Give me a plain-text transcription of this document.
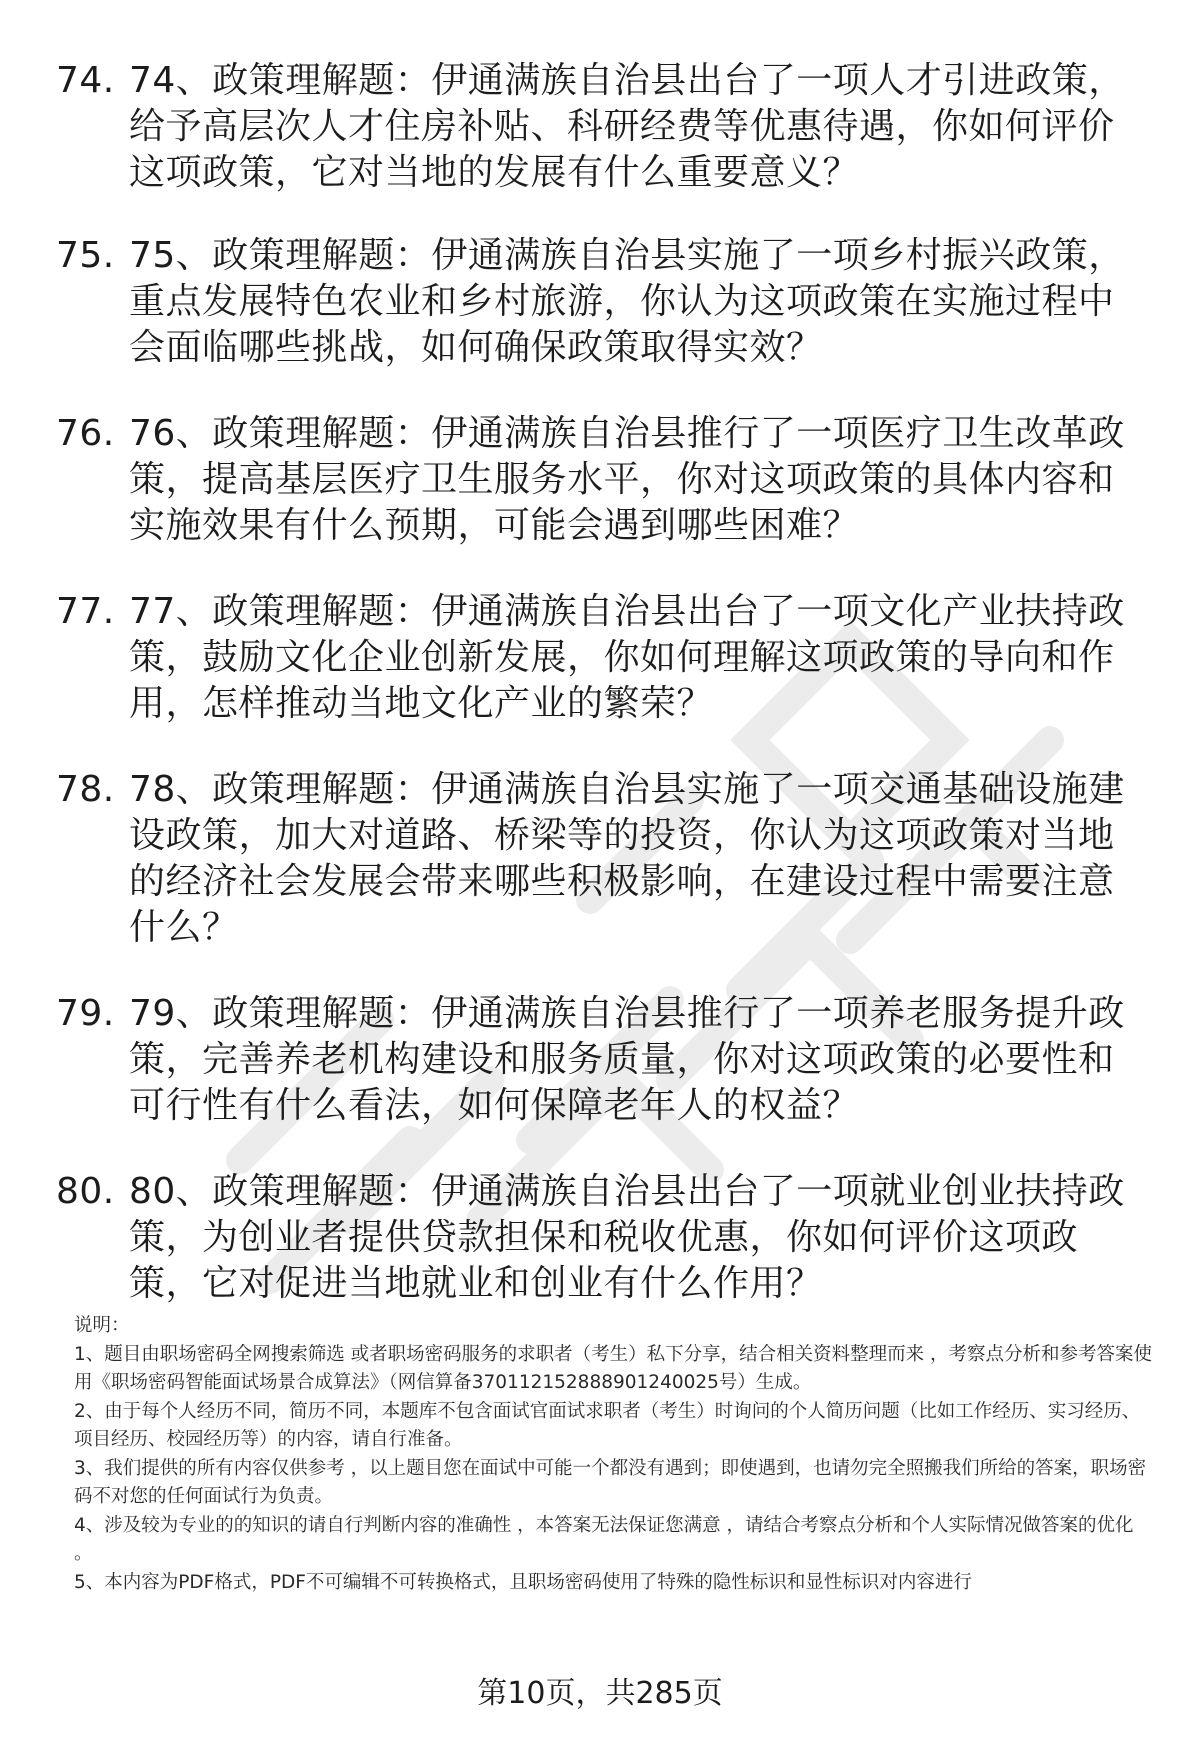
74. 74、政策理解题：伊通满族自治县出台了一项人才引进政策，给予高层次人才住房补贴、科研经费等优惠待遇，你如何评价这项政策，它对当地的发展有什么重要意义？
75. 75、政策理解题：伊通满族自治县实施了一项乡村振兴政策，重点发展特色农业和乡村旅游，你认为这项政策在实施过程中会面临哪些挑战，如何确保政策取得实效？
76. 76、政策理解题：伊通满族自治县推行了一项医疗卫生改革政策，提高基层医疗卫生服务水平，你对这项政策的具体内容和实施效果有什么预期，可能会遇到哪些困难？
77. 77、政策理解题：伊通满族自治县出台了一项文化产业扶持政策，鼓励文化企业创新发展，你如何理解这项政策的导向和作用，怎样推动当地文化产业的繁荣？
78. 78、政策理解题：伊通满族自治县实施了一项交通基础设施建设政策，加大对道路、桥梁等的投资，你认为这项政策对当地的经济社会发展会带来哪些积极影响，在建设过程中需要注意什么？
79. 79、政策理解题：伊通满族自治县推行了一项养老服务提升政策，完善养老机构建设和服务质量，你对这项政策的必要性和可行性有什么看法，如何保障老年人的权益？
80. 80、政策理解题：伊通满族自治县出台了一项就业创业扶持政策，为创业者提供贷款担保和税收优惠，你如何评价这项政策，它对促进当地就业和创业有什么作用？

说明：

1、题目由职场密码全网搜索筛选 或者职场密码服务的求职者（考生）私下分享，结合相关资料整理而来 ，考察点分析和参考答案使用《职场密码智能面试场景合成算法》（网信算备370112152888901240025号）生成。

2、由于每个人经历不同，简历不同，本题库不包含面试官面试求职者（考生）时询问的个人简历问题（比如工作经历、实习经历、项目经历、校园经历等）的内容，请自行准备。

3、我们提供的所有内容仅供参考 ，以上题目您在面试中可能一个都没有遇到；即使遇到，也请勿完全照搬我们所给的答案，职场密码不对您的任何面试行为负责。

4、涉及较为专业的的知识的请自行判断内容的准确性 ，本答案无法保证您满意 ，请结合考察点分析和个人实际情况做答案的优化 。

5、本内容为PDF格式，PDF不可编辑不可转换格式，且职场密码使用了特殊的隐性标识和显性标识对内容进行

第10页，共285页
